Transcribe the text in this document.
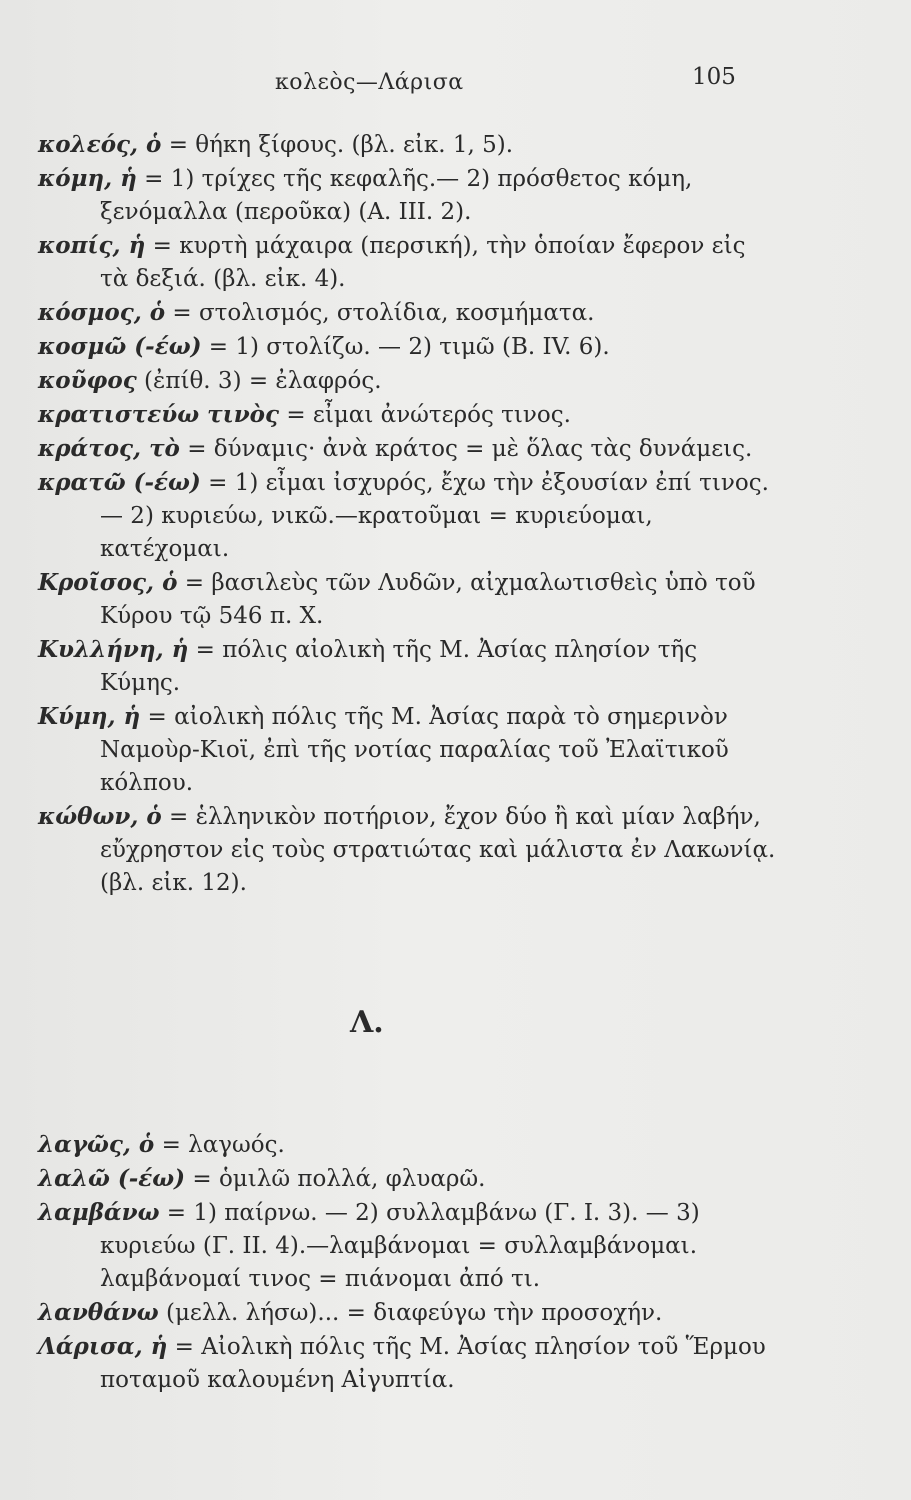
κολεὸς—Λάρισα	105

κολεός, ὁ = θήκη ξίφους. (βλ. εἰκ. 1, 5).

κόμη, ἡ = 1) τρίχες τῆς κεφαλῆς.— 2) πρόσθετος κόμη, ξενόμαλλα (περοῦκα) (Α. ΙΙΙ. 2).

κοπίς, ἡ = κυρτὴ μάχαιρα (περσική), τὴν ὁποίαν ἔφερον εἰς τὰ δεξιά. (βλ. εἰκ. 4).

κόσμος, ὁ = στολισμός, στολίδια, κοσμήματα.

κοσμῶ (-έω) = 1) στολίζω. — 2) τιμῶ (Β. IV. 6).

κοῦφος (ἐπίθ. 3) = ἐλαφρός.

κρατιστεύω τινὸς = εἶμαι ἀνώτερός τινος.

κράτος, τὸ = δύναμις· ἀνὰ κράτος = μὲ ὅλας τὰς δυνάμεις.

κρατῶ (-έω) = 1) εἶμαι ἰσχυρός, ἔχω τὴν ἐξουσίαν ἐπί τινος. — 2) κυριεύω, νικῶ.—κρατοῦμαι = κυριεύομαι, κατέχομαι.

Κροῖσος, ὁ = βασιλεὺς τῶν Λυδῶν, αἰχμαλωτισθεὶς ὑπὸ τοῦ Κύρου τῷ 546 π. Χ.

Κυλλήνη, ἡ = πόλις αἰολικὴ τῆς Μ. Ἀσίας πλησίον τῆς Κύμης.

Κύμη, ἡ = αἰολικὴ πόλις τῆς Μ. Ἀσίας παρὰ τὸ σημερινὸν Ναμοὺρ-Κιοϊ, ἐπὶ τῆς νοτίας παραλίας τοῦ Ἐλαϊτικοῦ κόλπου.

κώθων, ὁ = ἑλληνικὸν ποτήριον, ἔχον δύο ἢ καὶ μίαν λαβήν, εὔχρηστον εἰς τοὺς στρατιώτας καὶ μάλιστα ἐν Λακωνίᾳ. (βλ. εἰκ. 12).

Λ.

λαγῶς, ὁ = λαγωός.

λαλῶ (-έω) = ὁμιλῶ πολλά, φλυαρῶ.

λαμβάνω = 1) παίρνω. — 2) συλλαμβάνω (Γ. Ι. 3). — 3) κυριεύω (Γ. ΙΙ. 4).—λαμβάνομαι = συλλαμβάνομαι. λαμβάνομαί τινος = πιάνομαι ἀπό τι.

λανθάνω (μελλ. λήσω)... = διαφεύγω τὴν προσοχήν.

Λάρισα, ἡ = Αἰολικὴ πόλις τῆς Μ. Ἀσίας πλησίον τοῦ Ἕρμου ποταμοῦ καλουμένη Αἰγυπτία.
